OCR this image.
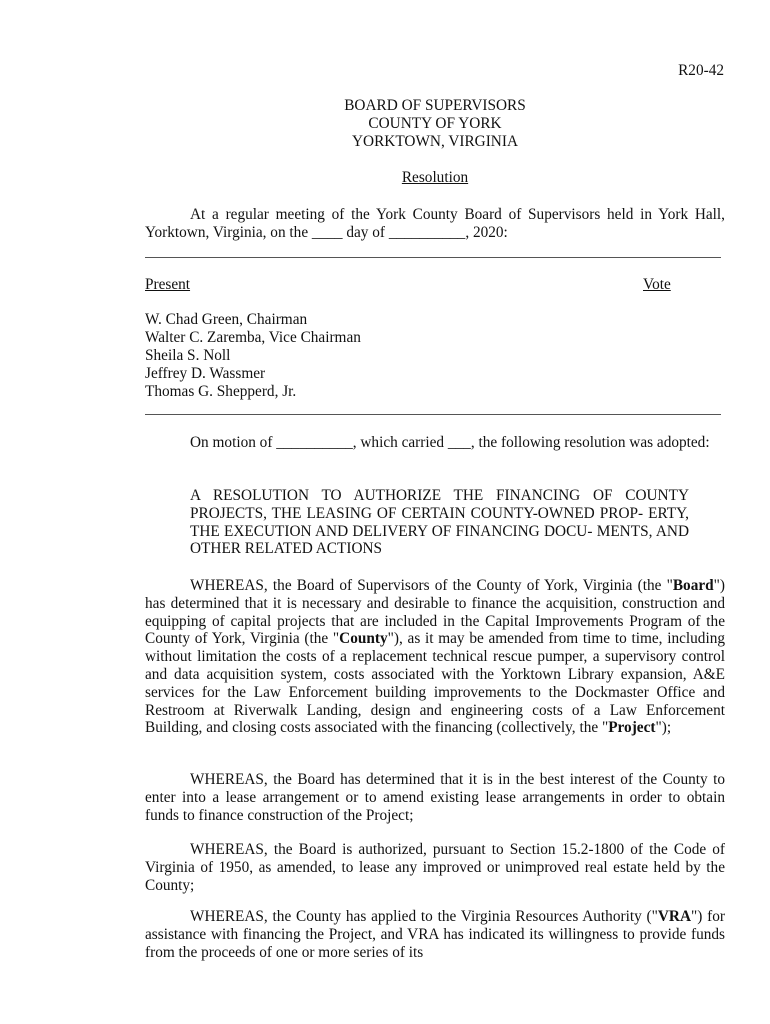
R20-42
BOARD OF SUPERVISORS
COUNTY OF YORK
YORKTOWN, VIRGINIA
Resolution
At a regular meeting of the York County Board of Supervisors held in York Hall, Yorktown, Virginia, on the ____ day of __________, 2020:
Present	Vote
W. Chad Green, Chairman
Walter C. Zaremba, Vice Chairman
Sheila S. Noll
Jeffrey D. Wassmer
Thomas G. Shepperd, Jr.
On motion of __________, which carried ___, the following resolution was adopted:
A RESOLUTION TO AUTHORIZE THE FINANCING OF COUNTY PROJECTS, THE LEASING OF CERTAIN COUNTY-OWNED PROP- ERTY, THE EXECUTION AND DELIVERY OF FINANCING DOCU- MENTS, AND OTHER RELATED ACTIONS
WHEREAS, the Board of Supervisors of the County of York, Virginia (the "Board") has determined that it is necessary and desirable to finance the acquisition, construction and equipping of capital projects that are included in the Capital Improvements Program of the County of York, Virginia (the "County"), as it may be amended from time to time, including without limitation the costs of a replacement technical rescue pumper, a supervisory control and data acquisition system, costs associated with the Yorktown Library expansion, A&E services for the Law Enforcement building improvements to the Dockmaster Office and Restroom at Riverwalk Landing, design and engineering costs of a Law Enforcement Building, and closing costs associated with the financing (collectively, the "Project");
WHEREAS, the Board has determined that it is in the best interest of the County to enter into a lease arrangement or to amend existing lease arrangements in order to obtain funds to finance construction of the Project;
WHEREAS, the Board is authorized, pursuant to Section 15.2-1800 of the Code of Virginia of 1950, as amended, to lease any improved or unimproved real estate held by the County;
WHEREAS, the County has applied to the Virginia Resources Authority ("VRA") for assistance with financing the Project, and VRA has indicated its willingness to provide funds from the proceeds of one or more series of its
